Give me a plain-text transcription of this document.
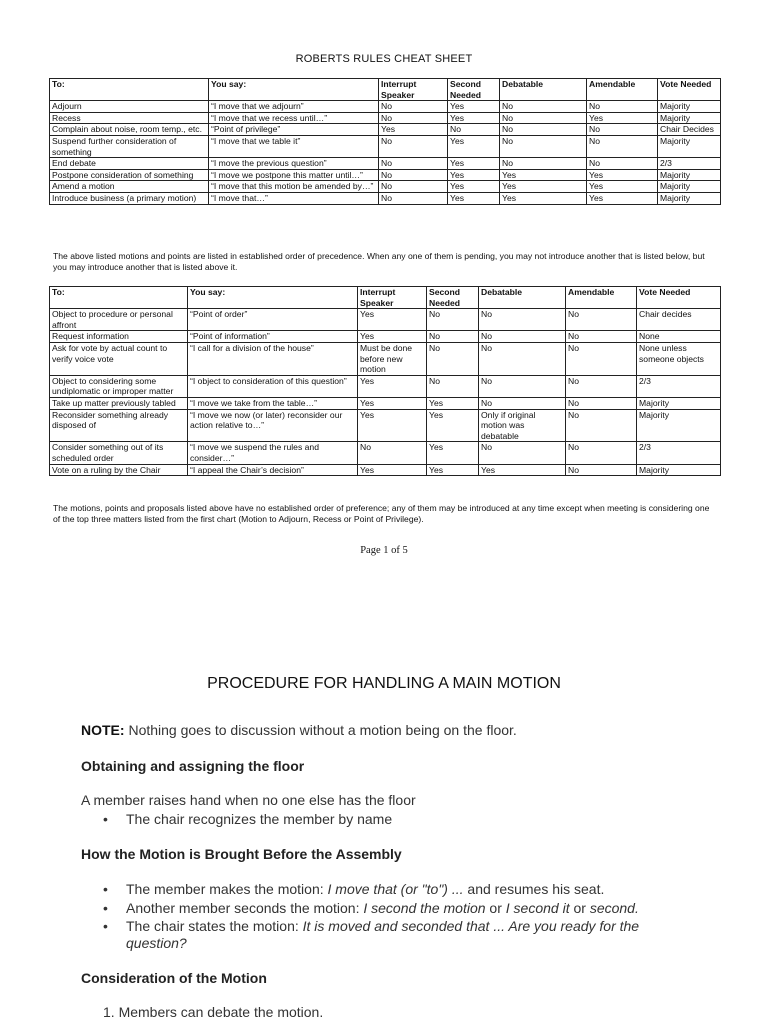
ROBERTS RULES CHEAT SHEET
To:	You say:	Interrupt Speaker	Second Needed	Debatable	Amendable	Vote Needed
Adjourn	“I move that we adjourn”	No	Yes	No	No	Majority
Recess	“I move that we recess until…”	No	Yes	No	Yes	Majority
Complain about noise, room temp., etc.	“Point of privilege”	Yes	No	No	No	Chair Decides
Suspend further consideration of something	“I move that we table it”	No	Yes	No	No	Majority
End debate	“I move the previous question”	No	Yes	No	No	2/3
Postpone consideration of something	“I move we postpone this matter until…”	No	Yes	Yes	Yes	Majority
Amend a motion	“I move that this motion be amended by…”	No	Yes	Yes	Yes	Majority
Introduce business (a primary motion)	“I move that…”	No	Yes	Yes	Yes	Majority
The above listed motions and points are listed in established order of precedence. When any one of them is pending, you may not introduce another that is listed below, but you may introduce another that is listed above it.
To:	You say:	Interrupt Speaker	Second Needed	Debatable	Amendable	Vote Needed
Object to procedure or personal affront	“Point of order”	Yes	No	No	No	Chair decides
Request information	“Point of information”	Yes	No	No	No	None
Ask for vote by actual count to verify voice vote	“I call for a division of the house”	Must be done before new motion	No	No	No	None unless someone objects
Object to considering some undiplomatic or improper matter	“I object to consideration of this question”	Yes	No	No	No	2/3
Take up matter previously tabled	“I move we take from the table…”	Yes	Yes	No	No	Majority
Reconsider something already disposed of	“I move we now (or later) reconsider our action relative to…”	Yes	Yes	Only if original motion was debatable	No	Majority
Consider something out of its scheduled order	“I move we suspend the rules and consider…”	No	Yes	No	No	2/3
Vote on a ruling by the Chair	“I appeal the Chair’s decision”	Yes	Yes	Yes	No	Majority
The motions, points and proposals listed above have no established order of preference; any of them may be introduced at any time except when meeting is considering one of the top three matters listed from the first chart (Motion to Adjourn, Recess or Point of Privilege).
Page 1 of 5
PROCEDURE FOR HANDLING A MAIN MOTION
NOTE: Nothing goes to discussion without a motion being on the floor.
Obtaining and assigning the floor
A member raises hand when no one else has the floor
• The chair recognizes the member by name
How the Motion is Brought Before the Assembly
• The member makes the motion: I move that (or "to") ... and resumes his seat.
• Another member seconds the motion: I second the motion or I second it or second.
• The chair states the motion: It is moved and seconded that ... Are you ready for the
question?
Consideration of the Motion
1. Members can debate the motion.
